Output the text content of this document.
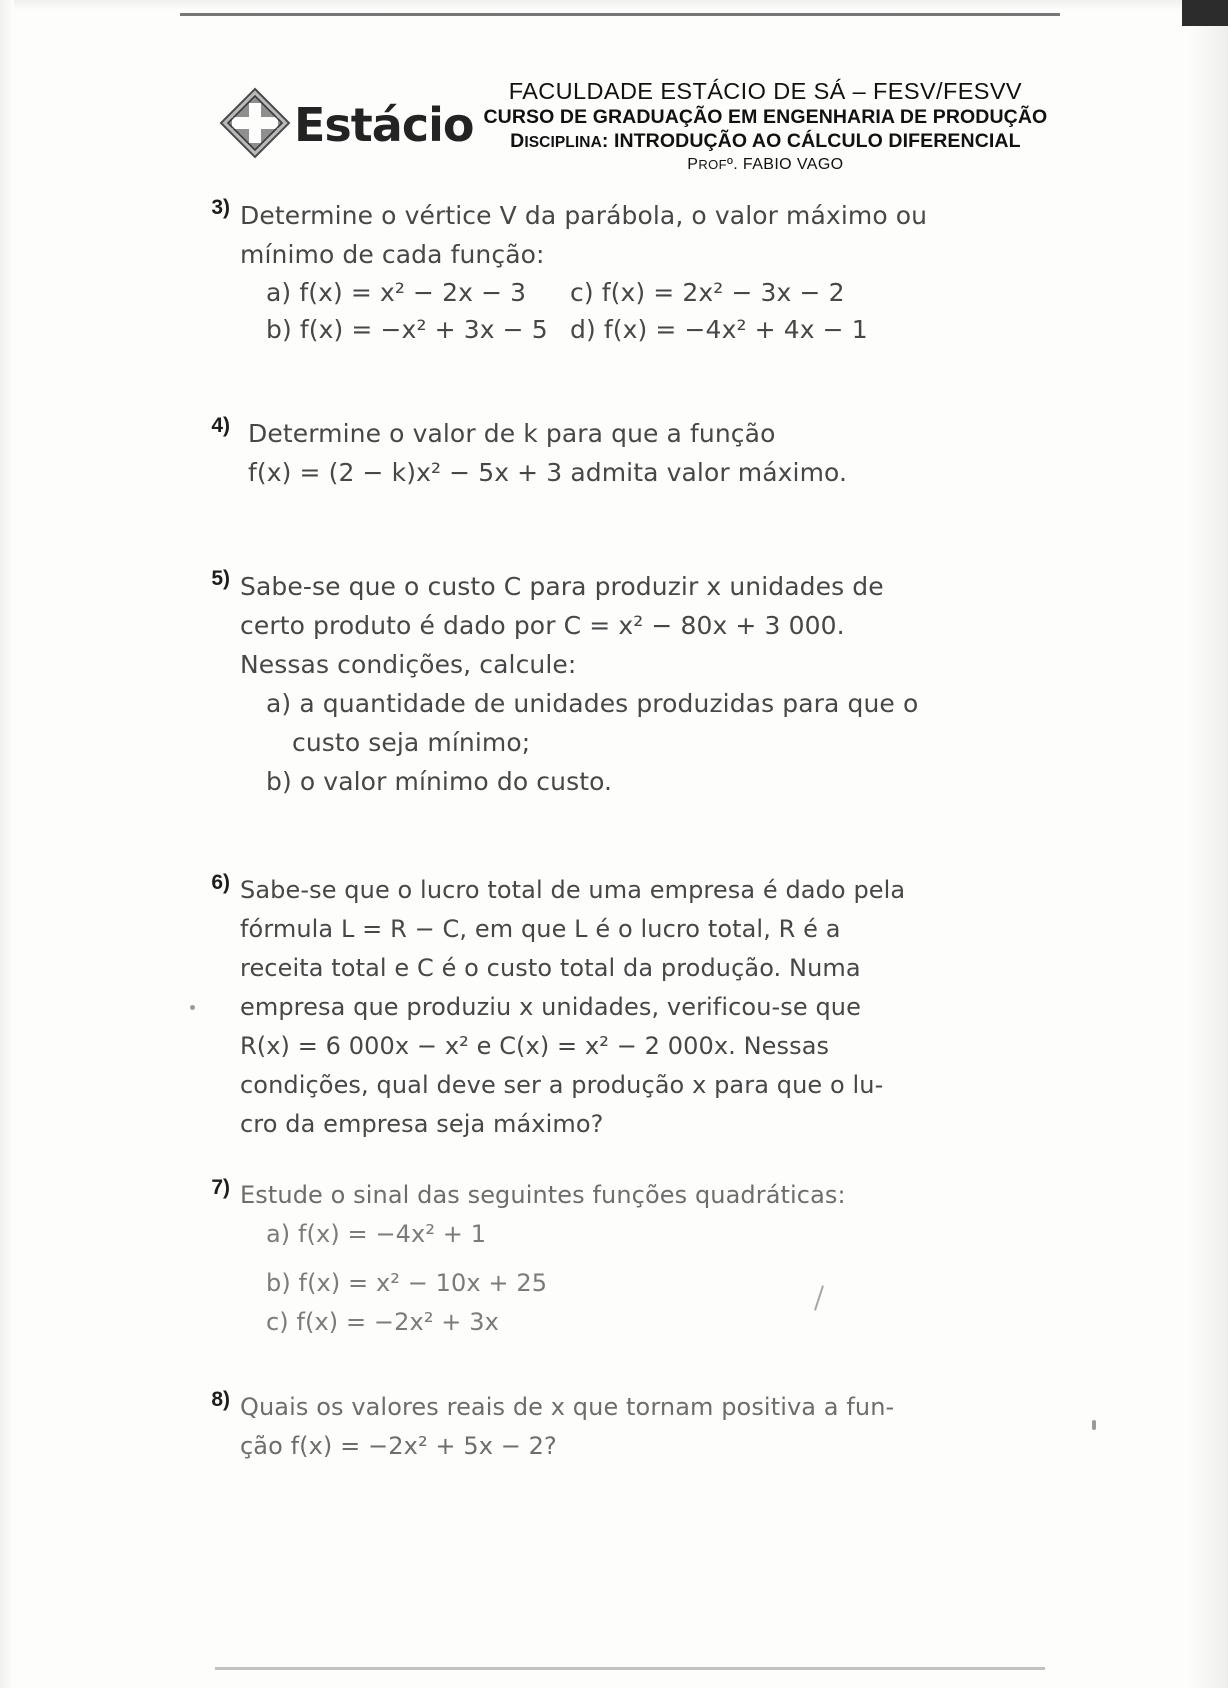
Estácio
FACULDADE ESTÁCIO DE SÁ – FESV/FESVV
CURSO DE GRADUAÇÃO EM ENGENHARIA DE PRODUÇÃO
DISCIPLINA: INTRODUÇÃO AO CÁLCULO DIFERENCIAL
PROFº. FABIO VAGO
3) Determine o vértice V da parábola, o valor máximo ou
mínimo de cada função:
a) f(x) = x² − 2x − 3
b) f(x) = −x² + 3x − 5
c) f(x) = 2x² − 3x − 2
d) f(x) = −4x² + 4x − 1
4) Determine o valor de k para que a função
f(x) = (2 − k)x² − 5x + 3 admita valor máximo.
5) Sabe-se que o custo C para produzir x unidades de
certo produto é dado por C = x² − 80x + 3 000.
Nessas condições, calcule:
a) a quantidade de unidades produzidas para que o
custo seja mínimo;
b) o valor mínimo do custo.
6) Sabe-se que o lucro total de uma empresa é dado pela
fórmula L = R − C, em que L é o lucro total, R é a
receita total e C é o custo total da produção. Numa
empresa que produziu x unidades, verificou-se que
R(x) = 6 000x − x² e C(x) = x² − 2 000x. Nessas
condições, qual deve ser a produção x para que o lu-
cro da empresa seja máximo?
7) Estude o sinal das seguintes funções quadráticas:
a) f(x) = −4x² + 1
b) f(x) = x² − 10x + 25
c) f(x) = −2x² + 3x
8) Quais os valores reais de x que tornam positiva a fun-
ção f(x) = −2x² + 5x − 2?
